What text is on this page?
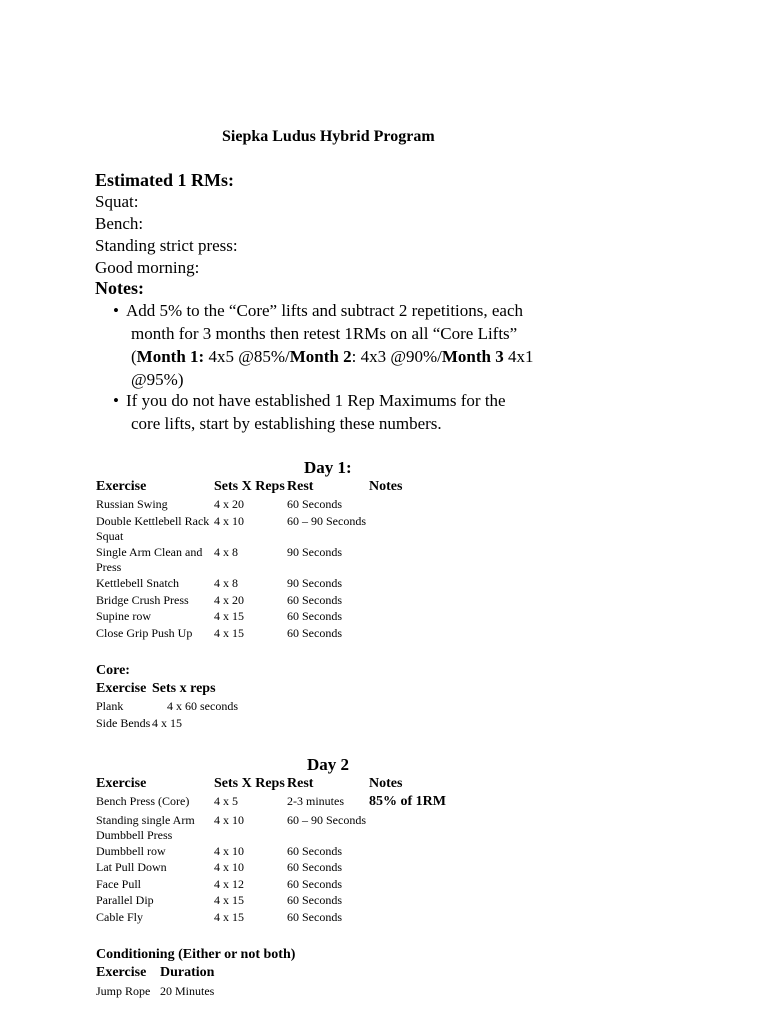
Siepka Ludus Hybrid Program
Estimated 1 RMs:
Squat:
Bench:
Standing strict press:
Good morning:
Notes:
• Add 5% to the “Core” lifts and subtract 2 repetitions, each
month for 3 months then retest 1RMs on all “Core Lifts”
(Month 1: 4x5 @85%/Month 2: 4x3 @90%/Month 3 4x1
@95%)
• If you do not have established 1 Rep Maximums for the
core lifts, start by establishing these numbers.
Day 1:
Exercise	Sets X Reps Rest	Notes
Russian Swing	4 x 20	60 Seconds
Double Kettlebell Rack Squat
4 x 10	60 – 90 Seconds
Single Arm Clean and Press
4 x 8	90 Seconds
Kettlebell Snatch	4 x 8	90 Seconds
Bridge Crush Press 4 x 20	60 Seconds
Supine row	4 x 15	60 Seconds
Close Grip Push Up 4 x 15	60 Seconds
Core:
Exercise Sets x reps
Plank	4 x 60 seconds
Side Bends 4 x 15
Day 2
Exercise	Sets X Reps Rest	Notes
Bench Press (Core) 4 x 5	2-3 minutes 85% of 1RM
Standing single Arm Dumbbell Press
4 x 10	60 – 90 Seconds
Dumbbell row	4 x 10	60 Seconds
Lat Pull Down	4 x 10	60 Seconds
Face Pull	4 x 12	60 Seconds
Parallel Dip	4 x 15	60 Seconds
Cable Fly	4 x 15	60 Seconds
Conditioning (Either or not both)
Exercise Duration
Jump Rope 20 Minutes
